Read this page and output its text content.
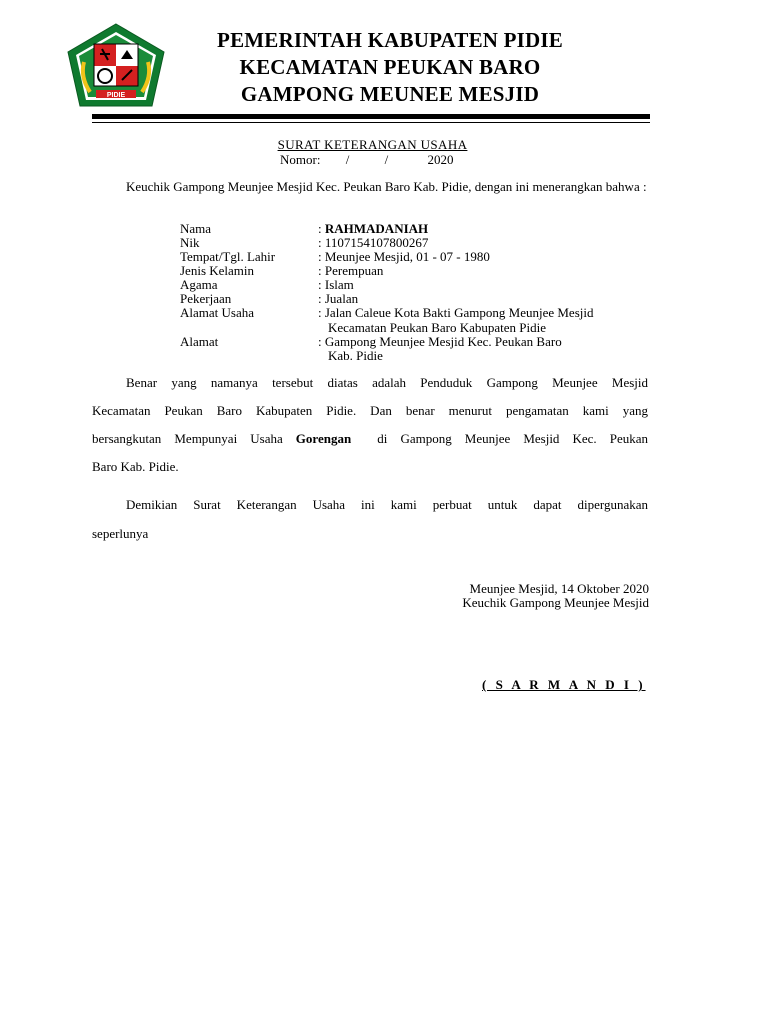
PIDIE
PEMERINTAH KABUPATEN PIDIE
KECAMATAN PEUKAN BARO
GAMPONG MEUNEE MESJID
SURAT KETERANGAN USAHA
Nomor: /	/	2020
Keuchik Gampong Meunjee Mesjid Kec. Peukan Baro Kab. Pidie, dengan ini menerangkan bahwa :
Nama	: RAHMADANIAH
Nik	: 1107154107800267
Tempat/Tgl. Lahir	: Meunjee Mesjid, 01 - 07 - 1980
Jenis Kelamin	: Perempuan
Agama	: Islam
Pekerjaan	: Jualan
Alamat Usaha	: Jalan Caleue Kota Bakti Gampong Meunjee Mesjid
Kecamatan Peukan Baro Kabupaten Pidie
Alamat	: Gampong Meunjee Mesjid Kec. Peukan Baro
Kab. Pidie
Benar yang namanya tersebut diatas adalah Penduduk Gampong Meunjee Mesjid
Kecamatan Peukan Baro Kabupaten Pidie. Dan benar menurut pengamatan kami yang
bersangkutan Mempunyai Usaha Gorengan  di Gampong Meunjee Mesjid Kec. Peukan
Baro Kab. Pidie.
Demikian Surat Keterangan Usaha ini kami perbuat untuk dapat dipergunakan
seperlunya
Meunjee Mesjid, 14 Oktober 2020
Keuchik Gampong Meunjee Mesjid
( S A R M A N D I )
